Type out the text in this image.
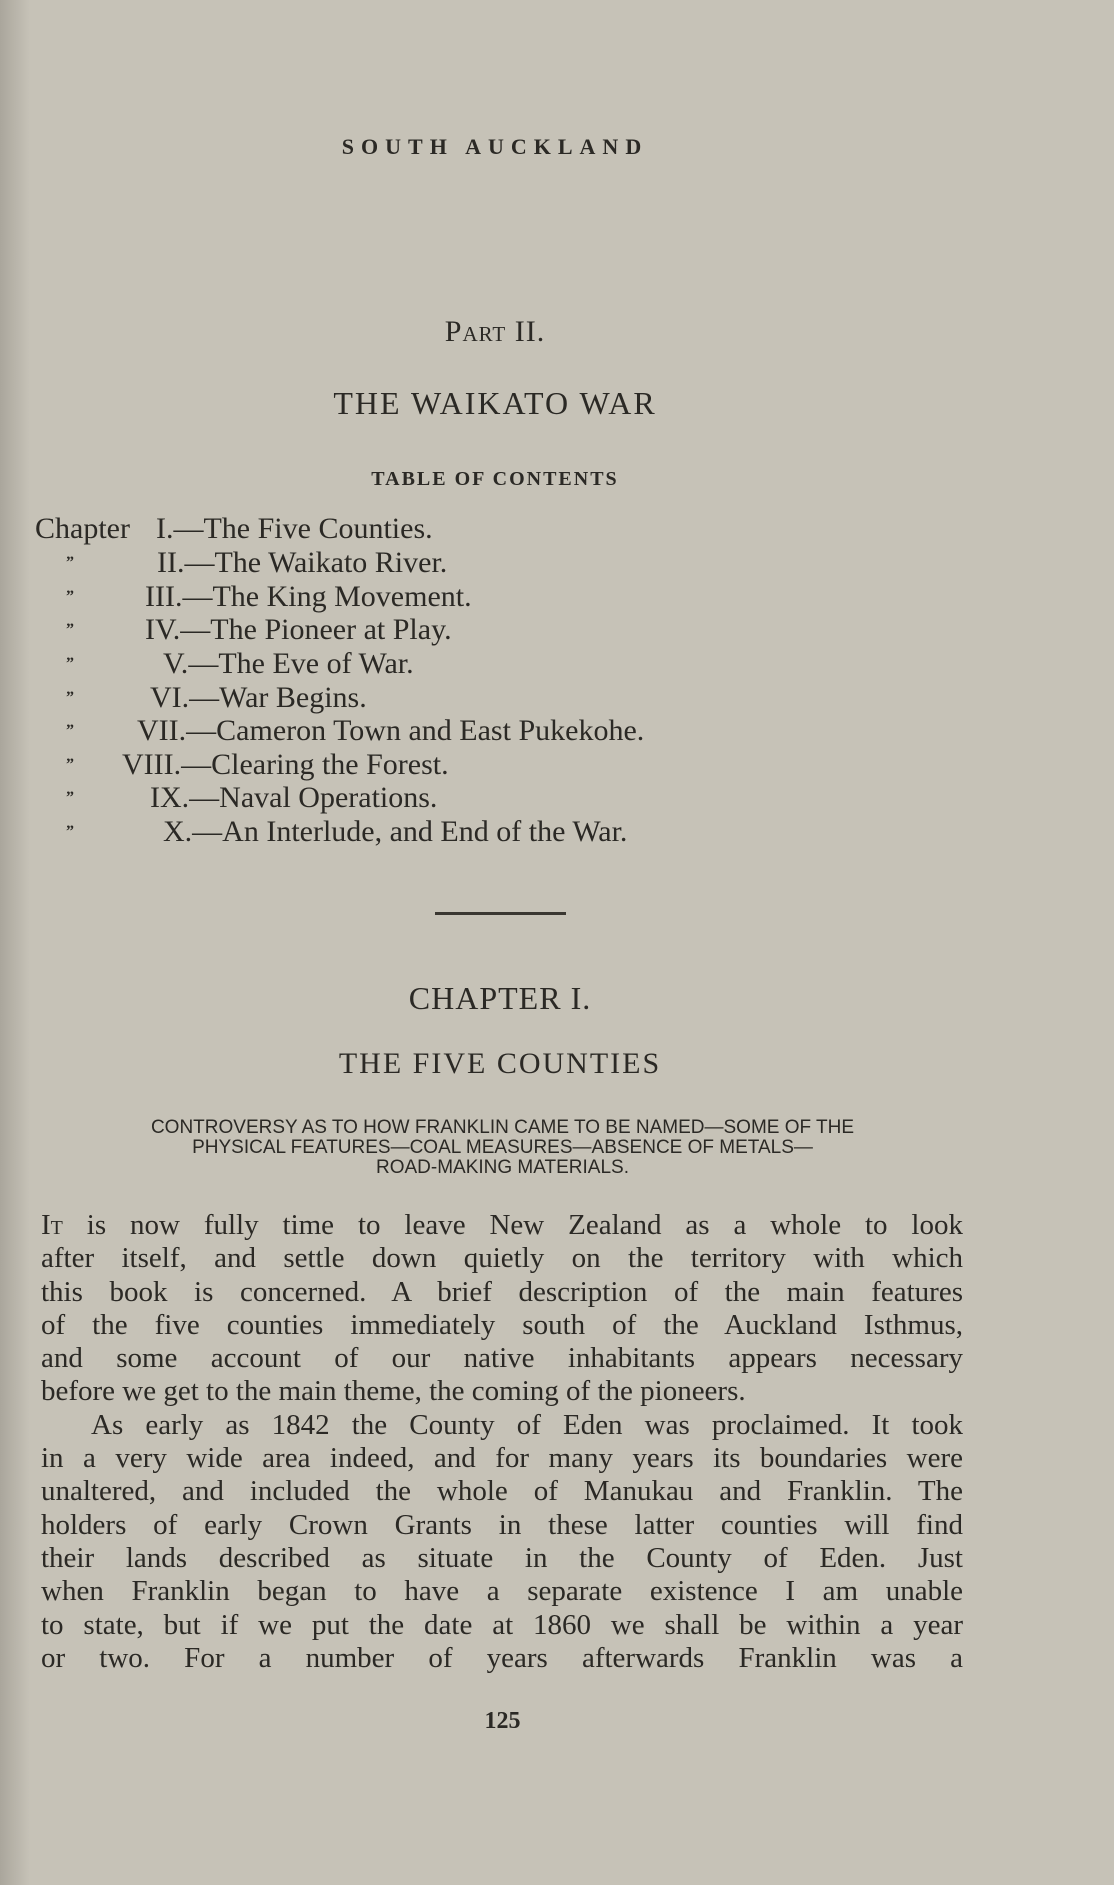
SOUTH AUCKLAND
Part II.
THE WAIKATO WAR
TABLE OF CONTENTS
Chapter I.—The Five Counties.
”	II.—The Waikato River.
” III.—The King Movement.
” IV.—The Pioneer at Play.
”	V.—The Eve of War.
”	VI.—War Begins.
” VII.—Cameron Town and East Pukekohe.
” VIII.—Clearing the Forest.
”	IX.—Naval Operations.
”	X.—An Interlude, and End of the War.
CHAPTER I.
THE FIVE COUNTIES
CONTROVERSY AS TO HOW FRANKLIN CAME TO BE NAMED—SOME OF THE
PHYSICAL FEATURES—COAL MEASURES—ABSENCE OF METALS—
ROAD-MAKING MATERIALS.
It is now fully time to leave New Zealand as a whole to look
after itself, and settle down quietly on the territory with which
this book is concerned. A brief description of the main features
of the five counties immediately south of the Auckland Isthmus,
and some account of our native inhabitants appears necessary
before we get to the main theme, the coming of the pioneers.
As early as 1842 the County of Eden was proclaimed. It took
in a very wide area indeed, and for many years its boundaries were
unaltered, and included the whole of Manukau and Franklin. The
holders of early Crown Grants in these latter counties will find
their lands described as situate in the County of Eden. Just
when Franklin began to have a separate existence I am unable
to state, but if we put the date at 1860 we shall be within a year
or two. For a number of years afterwards Franklin was a
125
